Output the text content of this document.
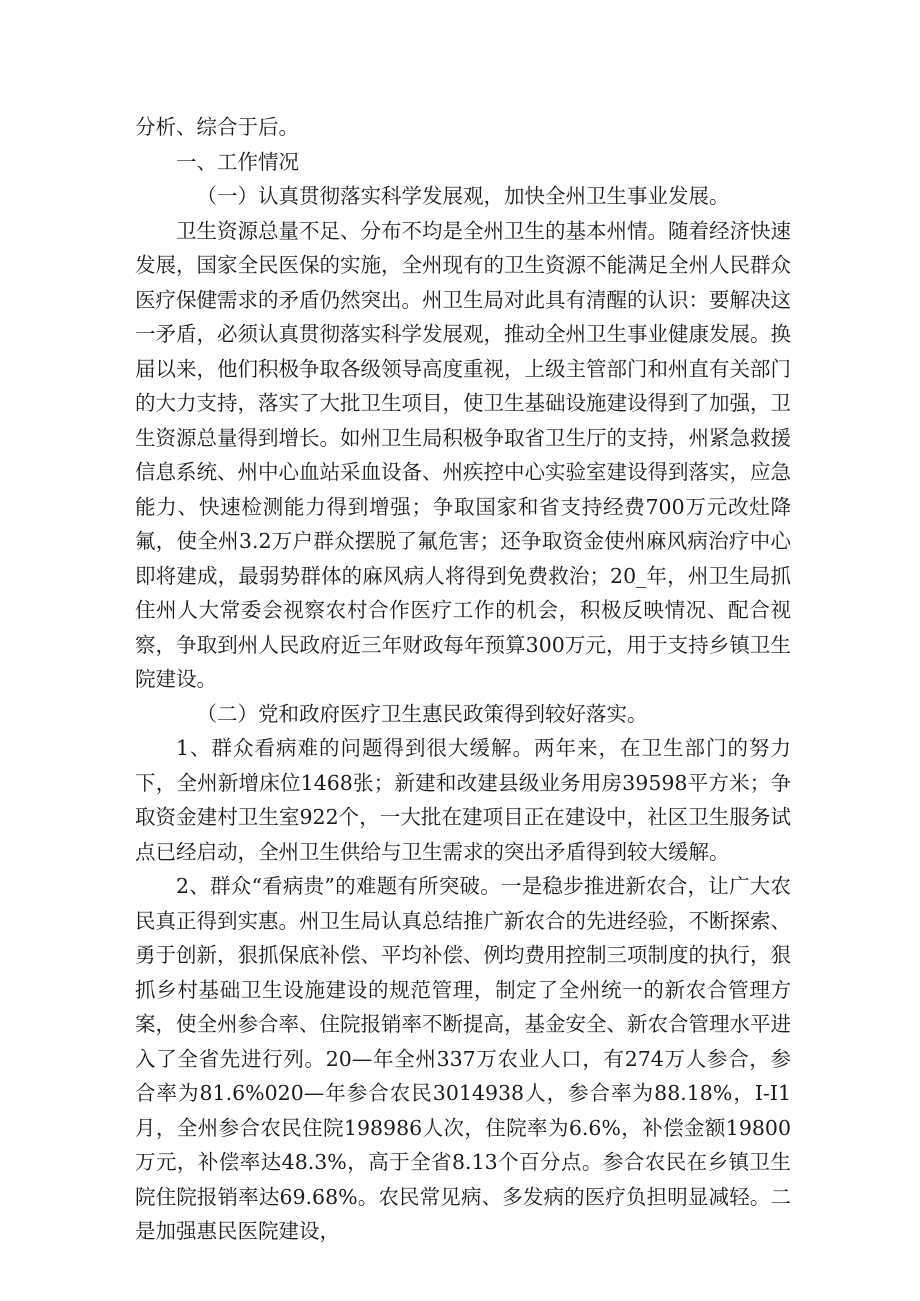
分析、综合于后。

一、工作情况

（一）认真贯彻落实科学发展观，加快全州卫生事业发展。

卫生资源总量不足、分布不均是全州卫生的基本州情。随着经济快速发展，国家全民医保的实施，全州现有的卫生资源不能满足全州人民群众医疗保健需求的矛盾仍然突出。州卫生局对此具有清醒的认识：要解决这一矛盾，必须认真贯彻落实科学发展观，推动全州卫生事业健康发展。换届以来，他们积极争取各级领导高度重视，上级主管部门和州直有关部门的大力支持，落实了大批卫生项目，使卫生基础设施建设得到了加强，卫生资源总量得到增长。如州卫生局积极争取省卫生厅的支持，州紧急救援信息系统、州中心血站采血设备、州疾控中心实验室建设得到落实，应急能力、快速检测能力得到增强；争取国家和省支持经费700万元改灶降氟，使全州3.2万户群众摆脱了氟危害；还争取资金使州麻风病治疗中心即将建成，最弱势群体的麻风病人将得到免费救治；20_年，州卫生局抓住州人大常委会视察农村合作医疗工作的机会，积极反映情况、配合视察，争取到州人民政府近三年财政每年预算300万元，用于支持乡镇卫生院建设。

（二）党和政府医疗卫生惠民政策得到较好落实。

1、群众看病难的问题得到很大缓解。两年来，在卫生部门的努力下，全州新增床位1468张；新建和改建县级业务用房39598平方米；争取资金建村卫生室922个，一大批在建项目正在建设中，社区卫生服务试点已经启动，全州卫生供给与卫生需求的突出矛盾得到较大缓解。

2、群众“看病贵”的难题有所突破。一是稳步推进新农合，让广大农民真正得到实惠。州卫生局认真总结推广新农合的先进经验，不断探索、勇于创新，狠抓保底补偿、平均补偿、例均费用控制三项制度的执行，狠抓乡村基础卫生设施建设的规范管理，制定了全州统一的新农合管理方案，使全州参合率、住院报销率不断提高，基金安全、新农合管理水平进入了全省先进行列。20—年全州337万农业人口，有274万人参合，参合率为81.6%020—年参合农民3014938人，参合率为88.18%，I-I1月，全州参合农民住院198986人次，住院率为6.6%，补偿金额19800万元，补偿率达48.3%，高于全省8.13个百分点。参合农民在乡镇卫生院住院报销率达69.68%。农民常见病、多发病的医疗负担明显减轻。二是加强惠民医院建设，
